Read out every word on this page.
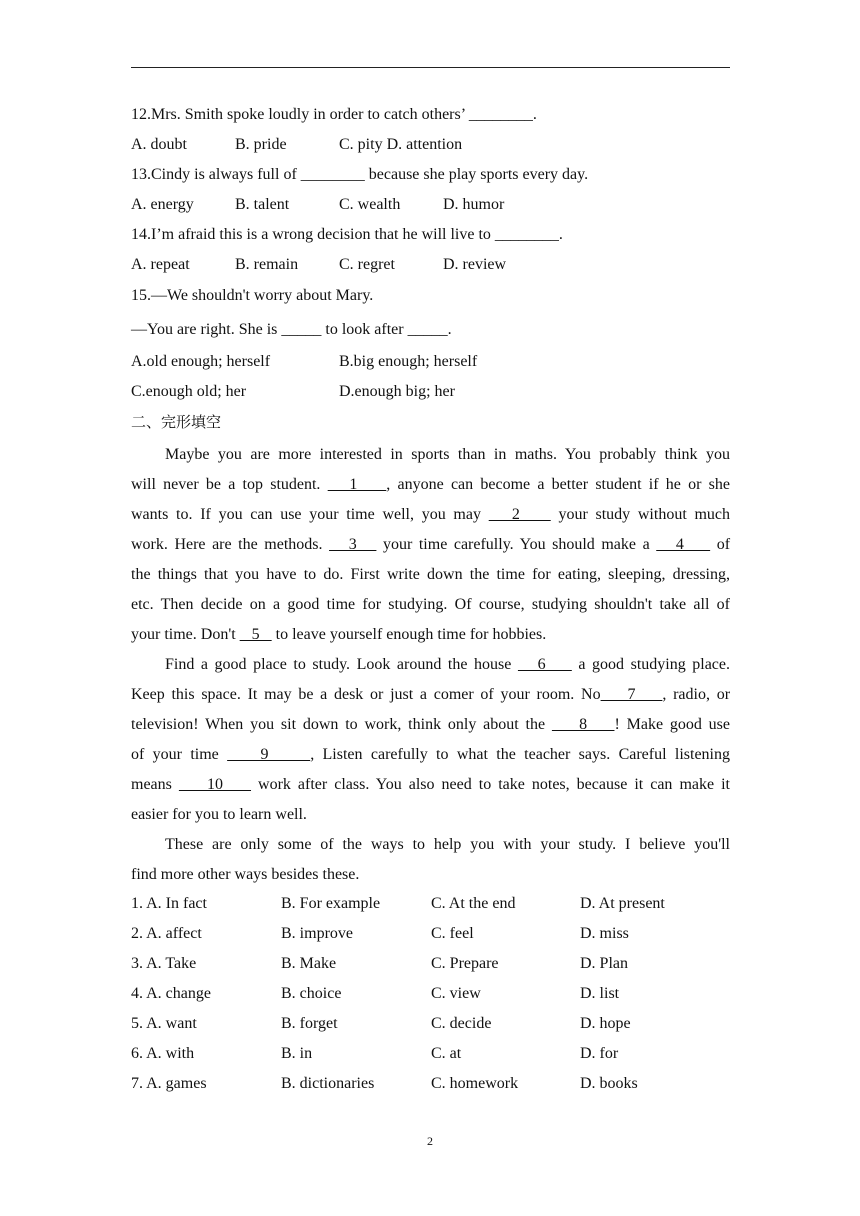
12.Mrs. Smith spoke loudly in order to catch others’ ________.
A. doubt	B. pride	C. pity D. attention
13.Cindy is always full of ________ because she play sports every day.
A. energy	B. talent	C. wealth	D. humor
14.I’m afraid this is a wrong decision that he will live to ________.
A. repeat	B. remain	C. regret	D. review
15.—We shouldn't worry about Mary.
—You are right. She is _____ to look after _____.
A.old enough; herself	B.big enough; herself
C.enough old; her	D.enough big; her
二、完形填空
Maybe you are more interested in sports than in maths. You probably think you
will never be a top student.    1    , anyone can become a better student if he or she
wants to. If you can use your time well, you may    2     your study without much
work. Here are the methods.    3    your time carefully. You should make a    4     of
the things that you have to do. First write down the time for eating, sleeping, dressing,
etc. Then decide on a good time for studying. Of course, studying shouldn't take all of
your time. Don't    5    to leave yourself enough time for hobbies.
Find a good place to study. Look around the house    6     a good studying place.
Keep this space. It may be a desk or just a comer of your room. No    7    , radio, or
television! When you sit down to work, think only about the     8    ! Make good use
of your time     9     , Listen carefully to what the teacher says. Careful listening
means     10     work after class. You also need to take notes, because it can make it
easier for you to learn well.
These are only some of the ways to help you with your study. I believe you'll
find more other ways besides these.
1. A. In fact	B. For example	C. At the end	D. At present
2. A. affect	B. improve	C. feel	D. miss
3. A. Take	B. Make	C. Prepare	D. Plan
4. A. change	B. choice	C. view	D. list
5. A. want	B. forget	C. decide	D. hope
6. A. with	B. in	C. at	D. for
7. A. games	B. dictionaries	C. homework	D. books
2
